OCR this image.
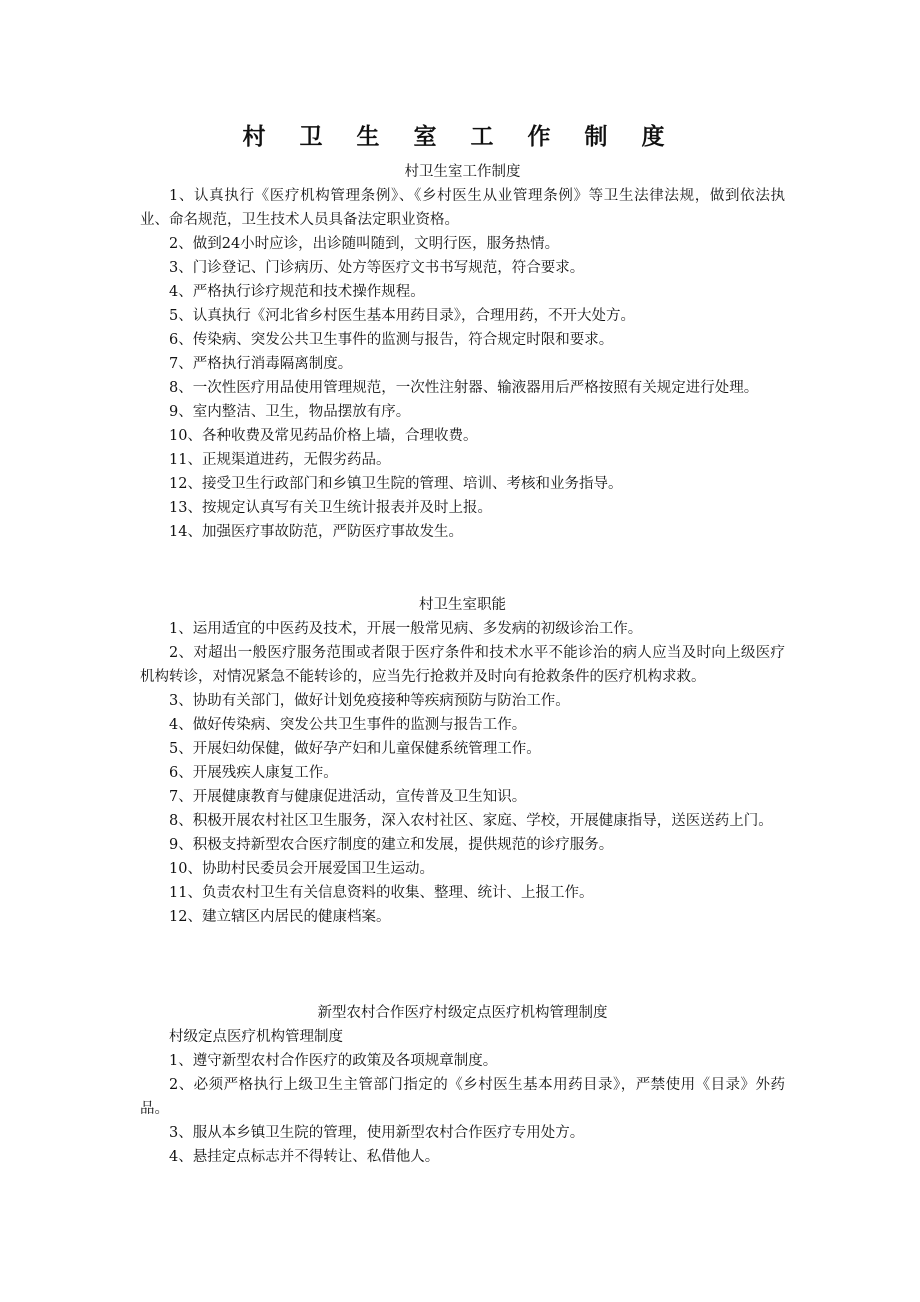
村 卫 生 室 工 作 制 度

村卫生室工作制度

1、认真执行《医疗机构管理条例》、《乡村医生从业管理条例》等卫生法律法规，做到依法执业、命名规范，卫生技术人员具备法定职业资格。

2、做到24小时应诊，出诊随叫随到，文明行医，服务热情。

3、门诊登记、门诊病历、处方等医疗文书书写规范，符合要求。

4、严格执行诊疗规范和技术操作规程。

5、认真执行《河北省乡村医生基本用药目录》，合理用药，不开大处方。

6、传染病、突发公共卫生事件的监测与报告，符合规定时限和要求。

7、严格执行消毒隔离制度。

8、一次性医疗用品使用管理规范，一次性注射器、输液器用后严格按照有关规定进行处理。

9、室内整洁、卫生，物品摆放有序。

10、各种收费及常见药品价格上墙，合理收费。

11、正规渠道进药，无假劣药品。

12、接受卫生行政部门和乡镇卫生院的管理、培训、考核和业务指导。

13、按规定认真写有关卫生统计报表并及时上报。

14、加强医疗事故防范，严防医疗事故发生。

村卫生室职能

1、运用适宜的中医药及技术，开展一般常见病、多发病的初级诊治工作。

2、对超出一般医疗服务范围或者限于医疗条件和技术水平不能诊治的病人应当及时向上级医疗机构转诊，对情况紧急不能转诊的，应当先行抢救并及时向有抢救条件的医疗机构求救。

3、协助有关部门，做好计划免疫接种等疾病预防与防治工作。

4、做好传染病、突发公共卫生事件的监测与报告工作。

5、开展妇幼保健，做好孕产妇和儿童保健系统管理工作。

6、开展残疾人康复工作。

7、开展健康教育与健康促进活动，宣传普及卫生知识。

8、积极开展农村社区卫生服务，深入农村社区、家庭、学校，开展健康指导，送医送药上门。

9、积极支持新型农合医疗制度的建立和发展，提供规范的诊疗服务。

10、协助村民委员会开展爱国卫生运动。

11、负责农村卫生有关信息资料的收集、整理、统计、上报工作。

12、建立辖区内居民的健康档案。

新型农村合作医疗村级定点医疗机构管理制度

村级定点医疗机构管理制度

1、遵守新型农村合作医疗的政策及各项规章制度。

2、必须严格执行上级卫生主管部门指定的《乡村医生基本用药目录》，严禁使用《目录》外药品。

3、服从本乡镇卫生院的管理，使用新型农村合作医疗专用处方。

4、悬挂定点标志并不得转让、私借他人。
